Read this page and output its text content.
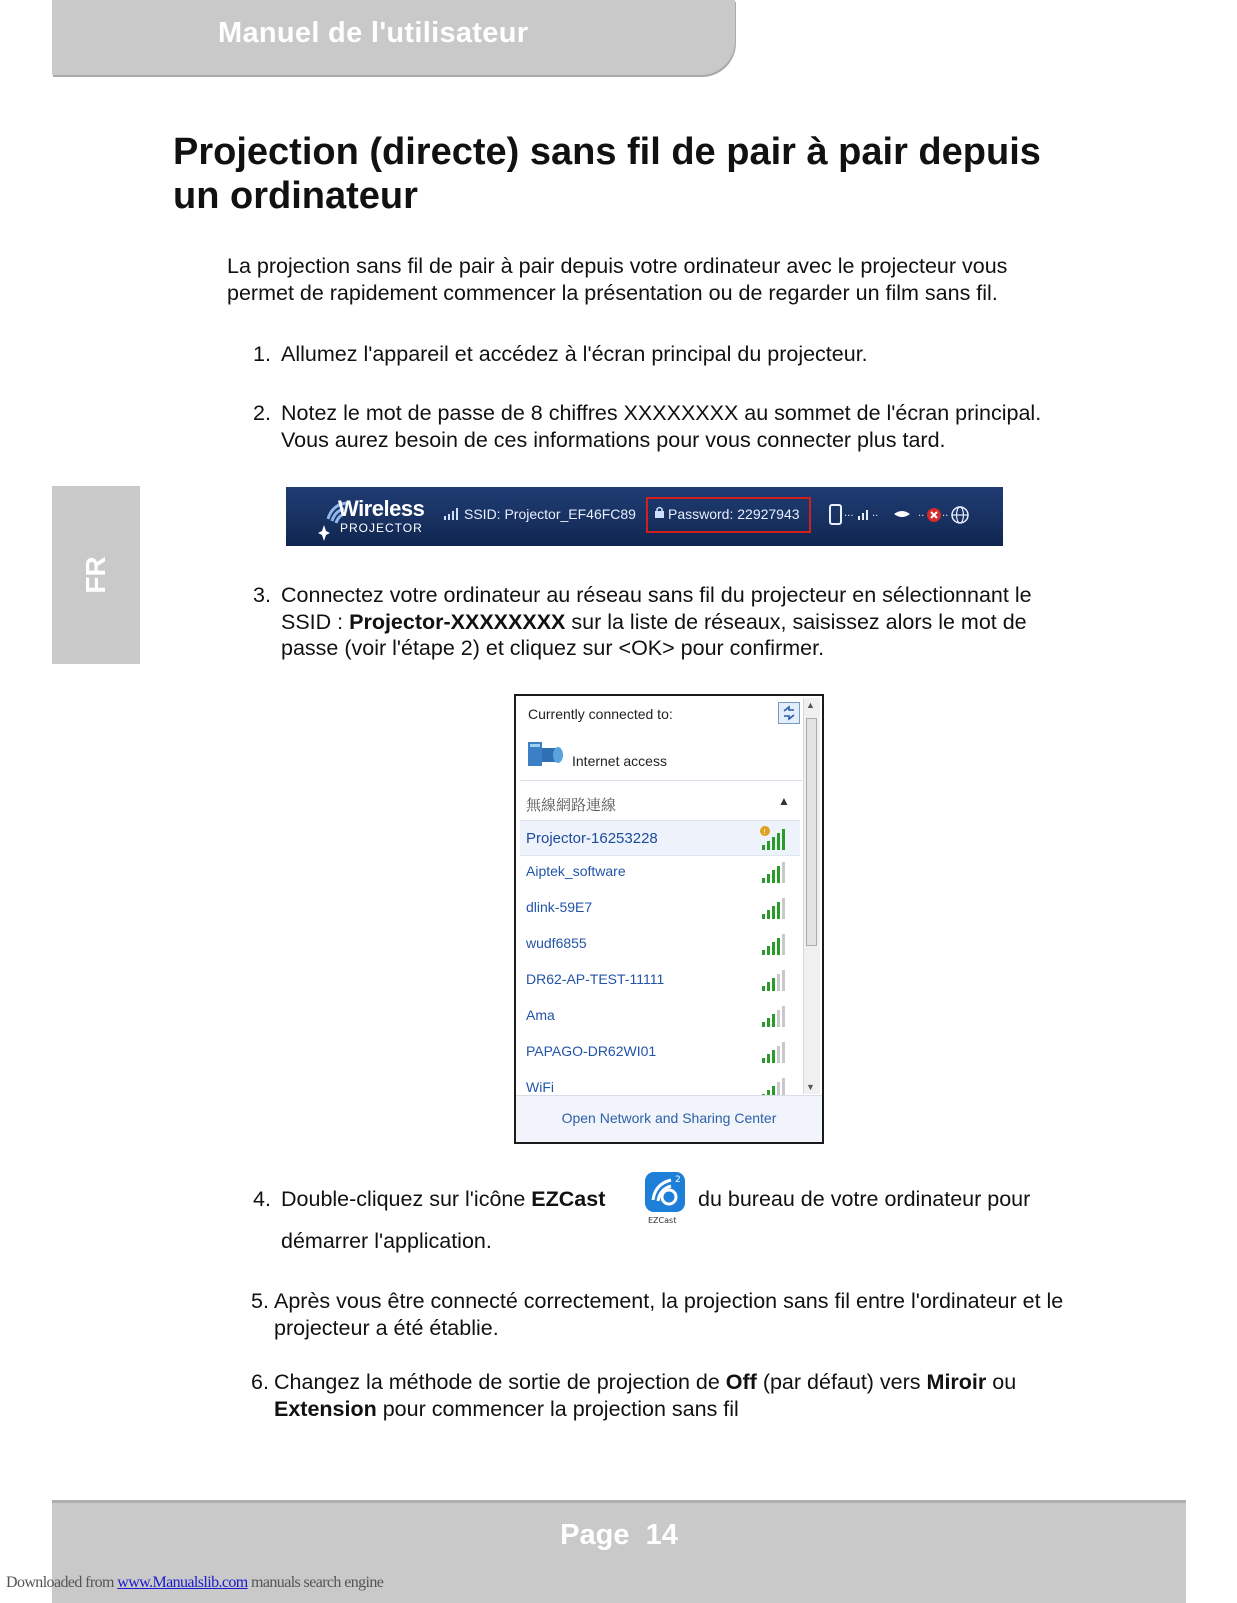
Manuel de l'utilisateur
FR
Projection (directe) sans fil de pair à pair depuis un ordinateur
La projection sans fil de pair à pair depuis votre ordinateur avec le projecteur vous permet de rapidement commencer la présentation ou de regarder un film sans fil.
1. Allumez l'appareil et accédez à l'écran principal du projecteur.
2. Notez le mot de passe de 8 chiffres XXXXXXXX au sommet de l'écran principal. Vous aurez besoin de ces informations pour vous connecter plus tard.
Wireless
PROJECTOR
SSID: Projector_EF46FC89 Password: 22927943	··· ··	·· ··
3. Connectez votre ordinateur au réseau sans fil du projecteur en sélectionnant le SSID : Projector-XXXXXXXX sur la liste de réseaux, saisissez alors le mot de passe (voir l'étape 2) et cliquez sur <OK> pour confirmer.
Currently connected to:
Internet access
無線網路連線	▲
▲
▼
Projector-16253228	!
Aiptek_software
dlink-59E7
wudf6855
DR62-AP-TEST-11111
Ama
PAPAGO-DR62WI01
WiFi
Open Network and Sharing Center
4. Double-cliquez sur l'icône EZCast
2
EZCast
du bureau de votre ordinateur pour
démarrer l'application.
5. Après vous être connecté correctement, la projection sans fil entre l'ordinateur et le projecteur a été établie.
6. Changez la méthode de sortie de projection de Off (par défaut) vers Miroir ou Extension pour commencer la projection sans fil
Page  14
Downloaded from www.Manualslib.com manuals search engine
